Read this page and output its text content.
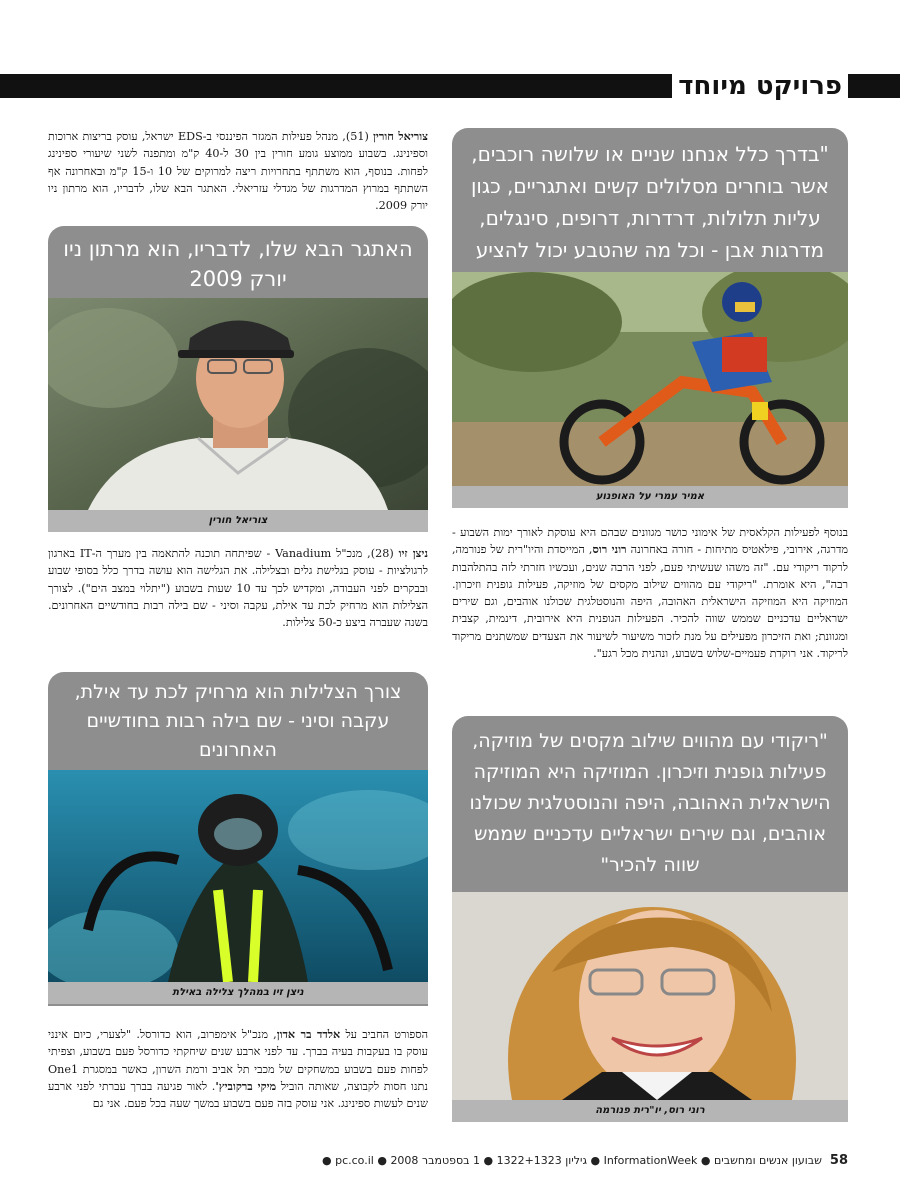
פרויקט מיוחד
צוריאל חורין (51), מנהל פעילות המגזר הפיננסי ב-EDS ישראל, עוסק בריצות ארוכות וספינינג. בשבוע ממוצע גומע חורין בין 30 ל-40 ק"מ ומתפנה לשני שיעורי ספינינג לפחות. בנוסף, הוא משתתף בתחרויות ריצה למרוקים של 10 ו-15 ק"מ ובאחרונה אף השתתף במרוץ המדרגות של מגדלי עזריאלי. האתגר הבא שלו, לדבריו, הוא מרתון ניו יורק 2009.
האתגר הבא שלו, לדבריו, הוא מרתון ניו יורק 2009
צוריאל חורין
ניצן זיו (28), מנכ"ל Vanadium - שפיתחה תוכנה להתאמה בין מערך ה-IT בארגון לרגולציות - עוסק בגלישת גלים ובצלילה. את הגלישה הוא עושה בדרך כלל בסופי שבוע ובבקרים לפני העבודה, ומקדיש לכך עד 10 שעות בשבוע ("יתלוי במצב הים"). לצורך הצלילות הוא מרחיק לכת עד אילת, עקבה וסיני - שם בילה רבות בחודשיים האחרונים. בשנה שעברה ביצע כ-50 צלילות.
צורך הצלילות הוא מרחיק לכת עד אילת, עקבה וסיני - שם בילה רבות בחודשיים האחרונים
ניצן זיו במהלך צלילה באילת
הספורט החביב על אלדד בר אדון, מנכ"ל אימפרוב, הוא כדורסל. "לצערי, כיום אינני עוסק בו בעקבות בעיה בברך. עד לפני ארבע שנים שיחקתי כדורסל פעם בשבוע, וצפיתי לפחות פעם בשבוע במשחקים של מכבי תל אביב ורמת השרון, כאשר במסגרת One1 נתנו חסות לקבוצה, שאותה הוביל מיקי ברקוביץ'. לאור פגיעה בברך עברתי לפני ארבע שנים לעשות ספינינג. אני עוסק בזה פעם בשבוע במשך שעה בכל פעם. אני גם
"בדרך כלל אנחנו שניים או שלושה רוכבים, אשר בוחרים מסלולים קשים ואתגריים, כגון עליות תלולות, דרדרות, דרופים, סינגלים, מדרגות אבן - וכל מה שהטבע יכול להציע
אמיר עמרי על האופנוע
בנוסף לפעילות הקלאסית של אימוני כושר מגוונים שבהם היא עוסקת לאורך ימות השבוע - מדרגה, אירובי, פילאטיס מתיחות - חורה באחרונה רוני רוס, המייסדת והיו"רית של פנורמה, לרקוד ריקודי עם. "זה משהו שעשיתי פעם, לפני הרבה שנים, ועכשיו חזרתי לזה בהתלהבות רבה", היא אומרת. "ריקודי עם מהווים שילוב מקסים של מוזיקה, פעילות גופנית וזיכרון. המוזיקה היא המוזיקה הישראלית האהובה, היפה והנוסטלגית שכולנו אוהבים, וגם שירים ישראליים עדכניים שממש שווה להכיר. הפעילות הגופנית היא אירובית, דינמית, קצבית ומגוונת; ואת הזיכרון מפעילים על מנת לזכור משיעור לשיעור את הצעדים שמשתנים מריקוד לריקוד. אני רוקדת פעמיים-שלוש בשבוע, ונהנית מכל רגע".
"ריקודי עם מהווים שילוב מקסים של מוזיקה, פעילות גופנית וזיכרון. המוזיקה היא המוזיקה הישראלית האהובה, היפה והנוסטלגית שכולנו אוהבים, וגם שירים ישראליים עדכניים שממש שווה להכיר"
רוני רוס, יו"רית פנורמה
58שבועון אנשים ומחשבים ● InformationWeek ● גיליון 1322+1323 ● 1 בספטמבר 2008 ● pc.co.il ●
